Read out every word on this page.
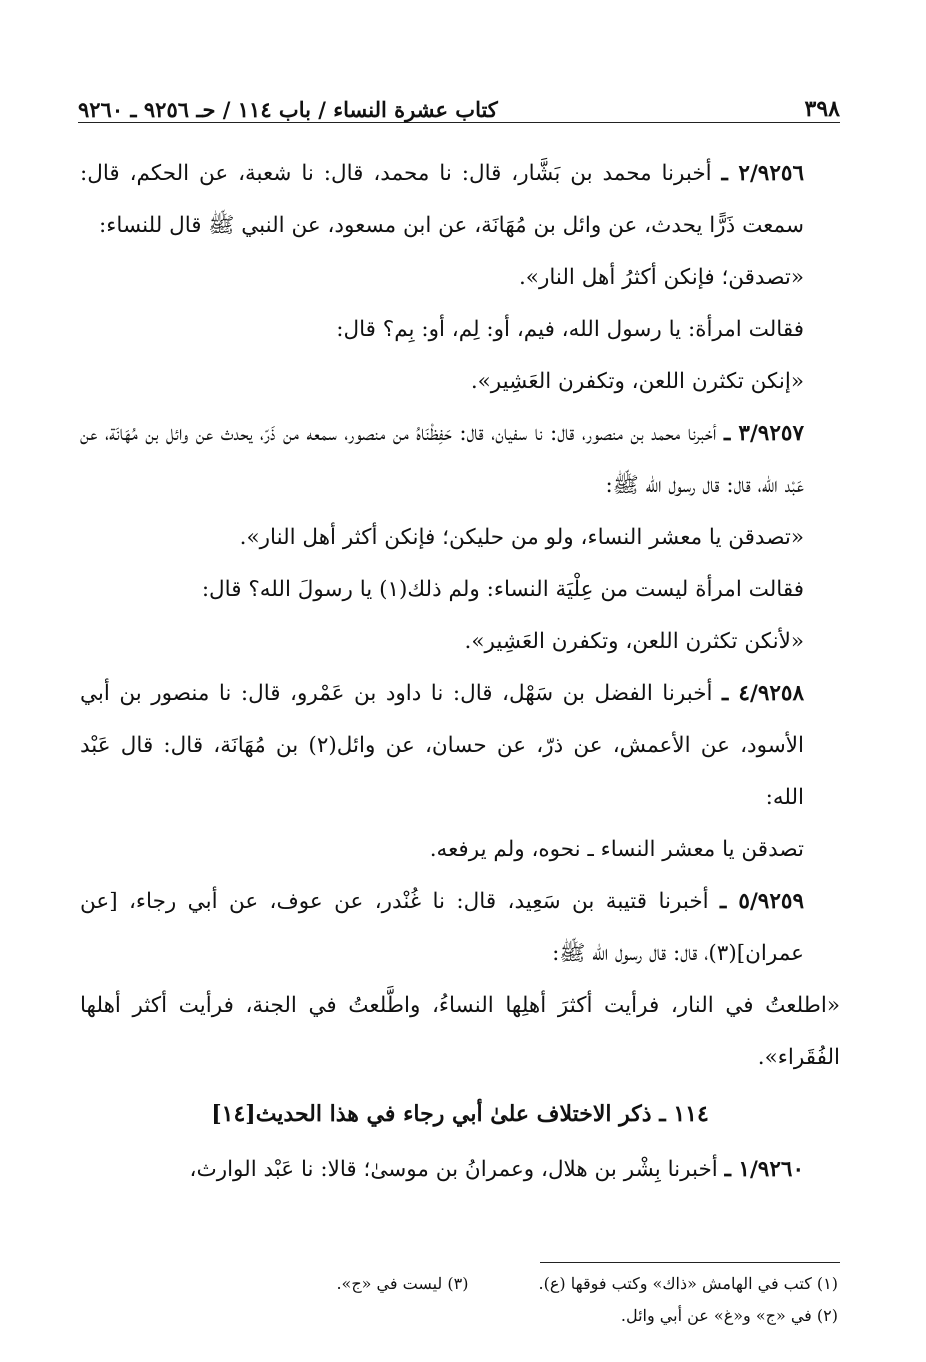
٣٩٨
كتاب عشرة النساء / باب ١١٤ / حـ ٩٢٥٦ ـ ٩٢٦٠

٢/٩٢٥٦ ـ أخبرنا محمد بن بَشَّار، قال: نا محمد، قال: نا شعبة، عن الحكم، قال: سمعت ذَرًّا يحدث، عن وائل بن مُهَانَة، عن ابن مسعود، عن النبي ﷺ قال للنساء:

«تصدقن؛ فإنكن أكثرُ أهل النار».

فقالت امرأة: يا رسول الله، فيم، أو: لِم، أو: بِم؟ قال:

«إنكن تكثرن اللعن، وتكفرن العَشِير».

٣/٩٢٥٧ ـ أخبرنا محمد بن منصور، قال: نا سفيان، قال: حَفِظْنَاهُ من منصور، سمعه من ذَرّ، يحدث عن وائل بن مُهَانَة، عن عَبْد الله، قال: قال رسول الله ﷺ:

«تصدقن يا معشر النساء، ولو من حليكن؛ فإنكن أكثر أهل النار».

فقالت امرأة ليست من عِلْيَة النساء: ولم ذلك(١) يا رسولَ الله؟ قال:

«لأنكن تكثرن اللعن، وتكفرن العَشِير».

٤/٩٢٥٨ ـ أخبرنا الفضل بن سَهْل، قال: نا داود بن عَمْرو، قال: نا منصور بن أبي الأسود، عن الأعمش، عن ذرّ، عن حسان، عن وائل(٢) بن مُهَانَة، قال: قال عَبْد الله:

تصدقن يا معشر النساء ـ نحوه، ولم يرفعه.

٥/٩٢٥٩ ـ أخبرنا قتيبة بن سَعِيد، قال: نا غُنْدر، عن عوف، عن أبي رجاء، [عن عمران](٣)، قال: قال رسول الله ﷺ:

«اطلعتُ في النار، فرأيت أكثرَ أهلِها النساءُ، واطَّلعتُ في الجنة، فرأيت أكثر أهلها الفُقَراء».

١١٤ ـ ذكر الاختلاف علىٰ أبي رجاء في هذا الحديث[١٤]

١/٩٢٦٠ ـ أخبرنا بِشْر بن هلال، وعمرانُ بن موسىٰ؛ قالا: نا عَبْد الوارث،

(١) كتب في الهامش «ذاك» وكتب فوقها (ع).
(٣) ليست في «ج».
(٢) في «ج» و«غ» عن أبي وائل.
